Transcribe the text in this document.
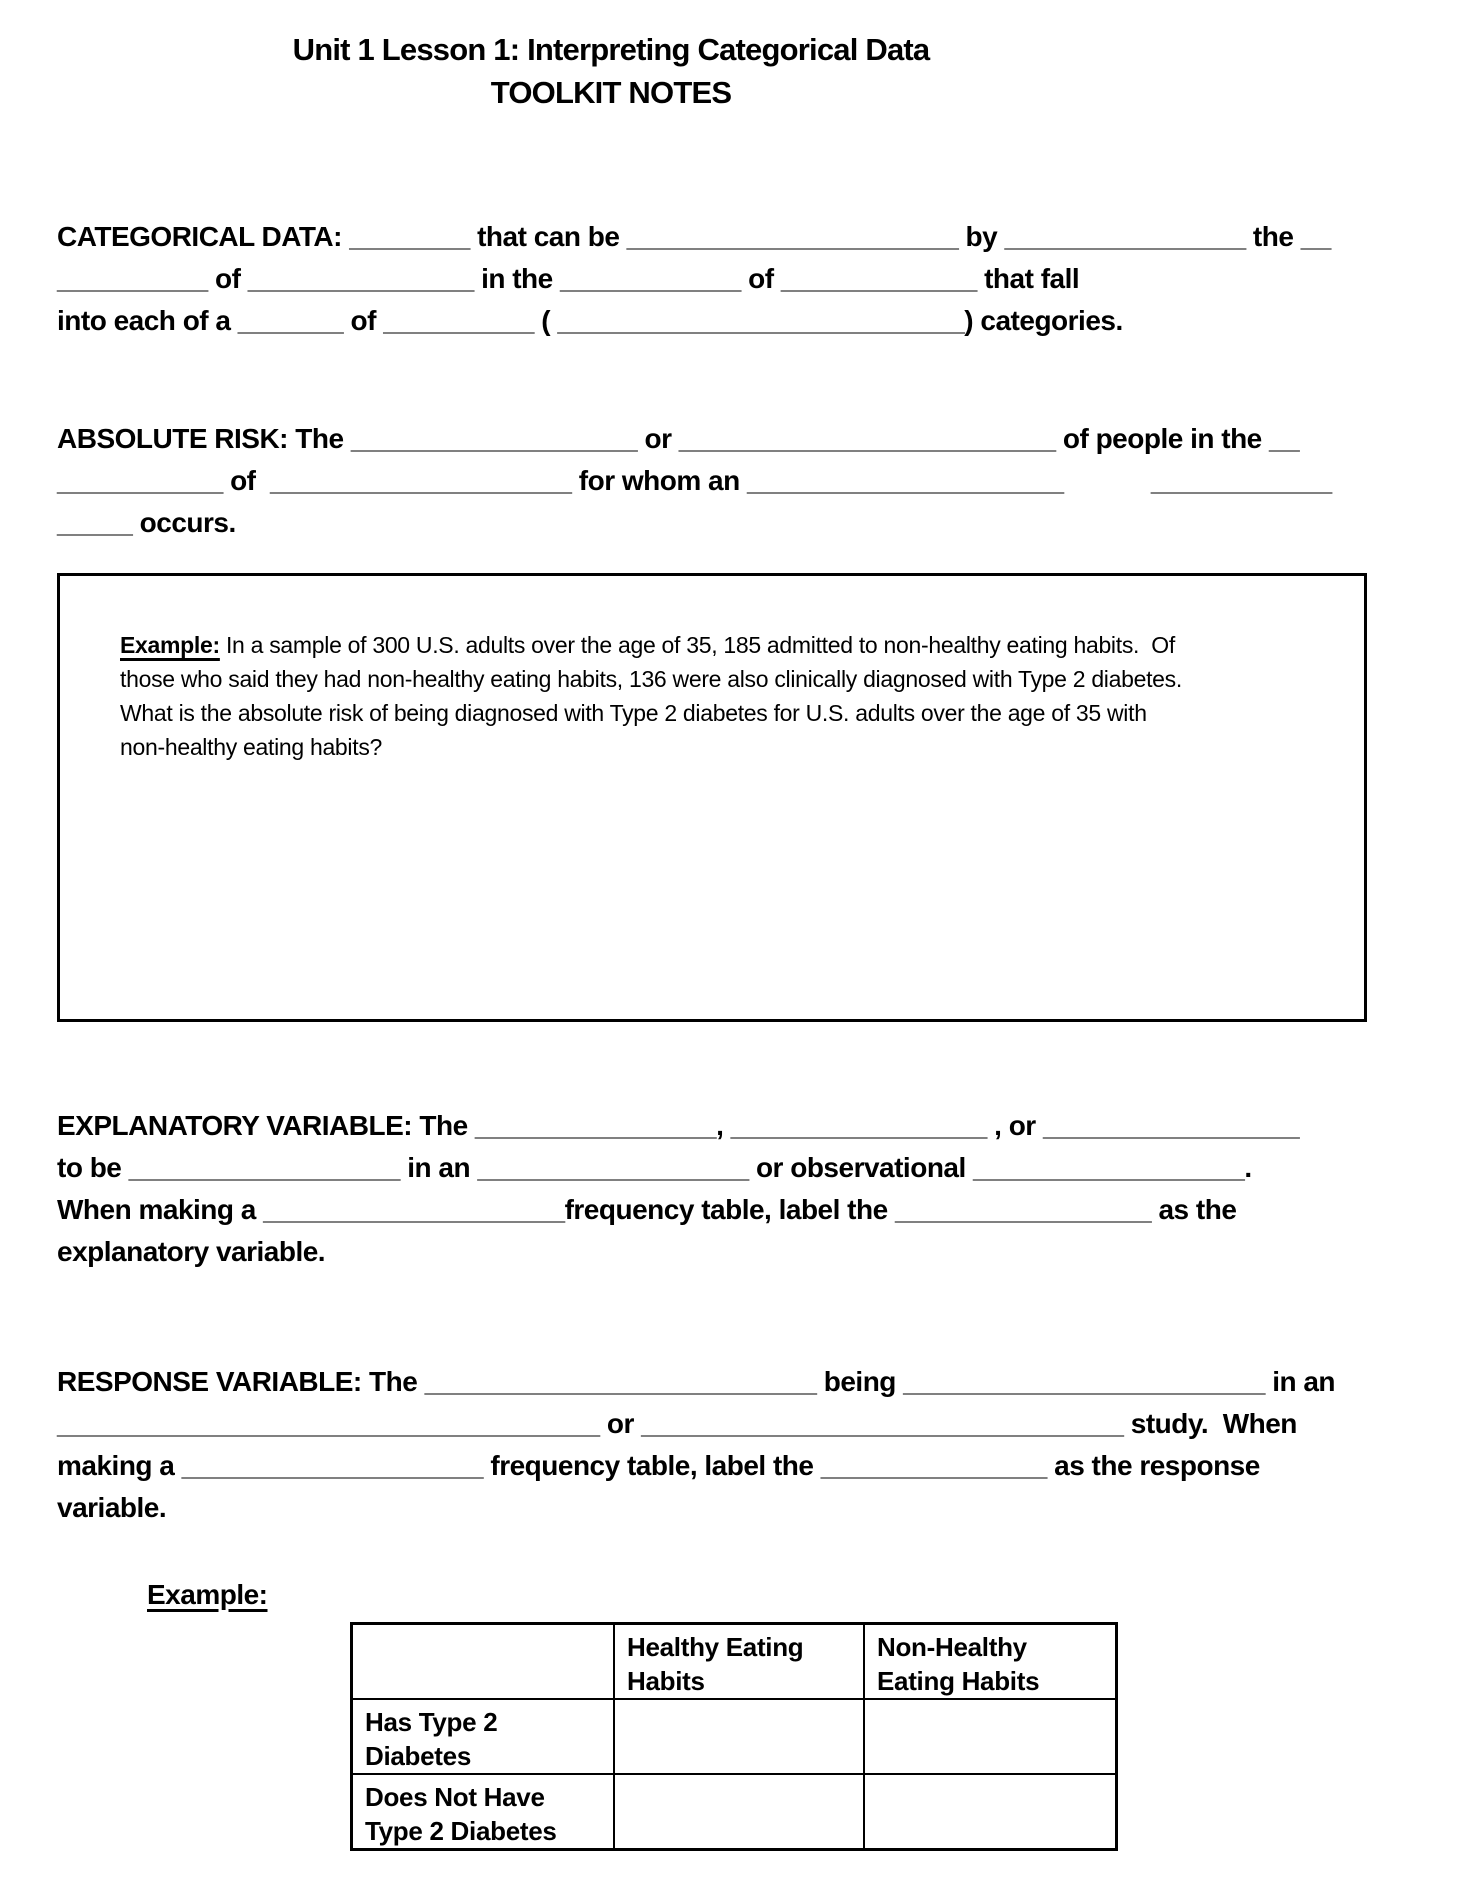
Unit 1 Lesson 1: Interpreting Categorical Data
TOOLKIT NOTES
CATEGORICAL DATA: ________ that can be ______________________ by ________________ the __
__________ of _______________ in the ____________ of _____________ that fall
into each of a _______ of __________ ( ___________________________) categories.
ABSOLUTE RISK: The ___________________ or _________________________ of people in the __
___________ of  ____________________ for whom an _____________________            ____________
_____ occurs.
Example: In a sample of 300 U.S. adults over the age of 35, 185 admitted to non-healthy eating habits.  Of
those who said they had non-healthy eating habits, 136 were also clinically diagnosed with Type 2 diabetes.
What is the absolute risk of being diagnosed with Type 2 diabetes for U.S. adults over the age of 35 with
non-healthy eating habits?
EXPLANATORY VARIABLE: The ________________, _________________ , or _________________
to be __________________ in an __________________ or observational __________________.
When making a ____________________frequency table, label the _________________ as the
explanatory variable.
RESPONSE VARIABLE: The __________________________ being ________________________ in an
____________________________________ or ________________________________ study.  When
making a ____________________ frequency table, label the _______________ as the response
variable.
Example:
	Healthy Eating Habits	Non-Healthy Eating Habits
Has Type 2 Diabetes		
Does Not Have Type 2 Diabetes		
